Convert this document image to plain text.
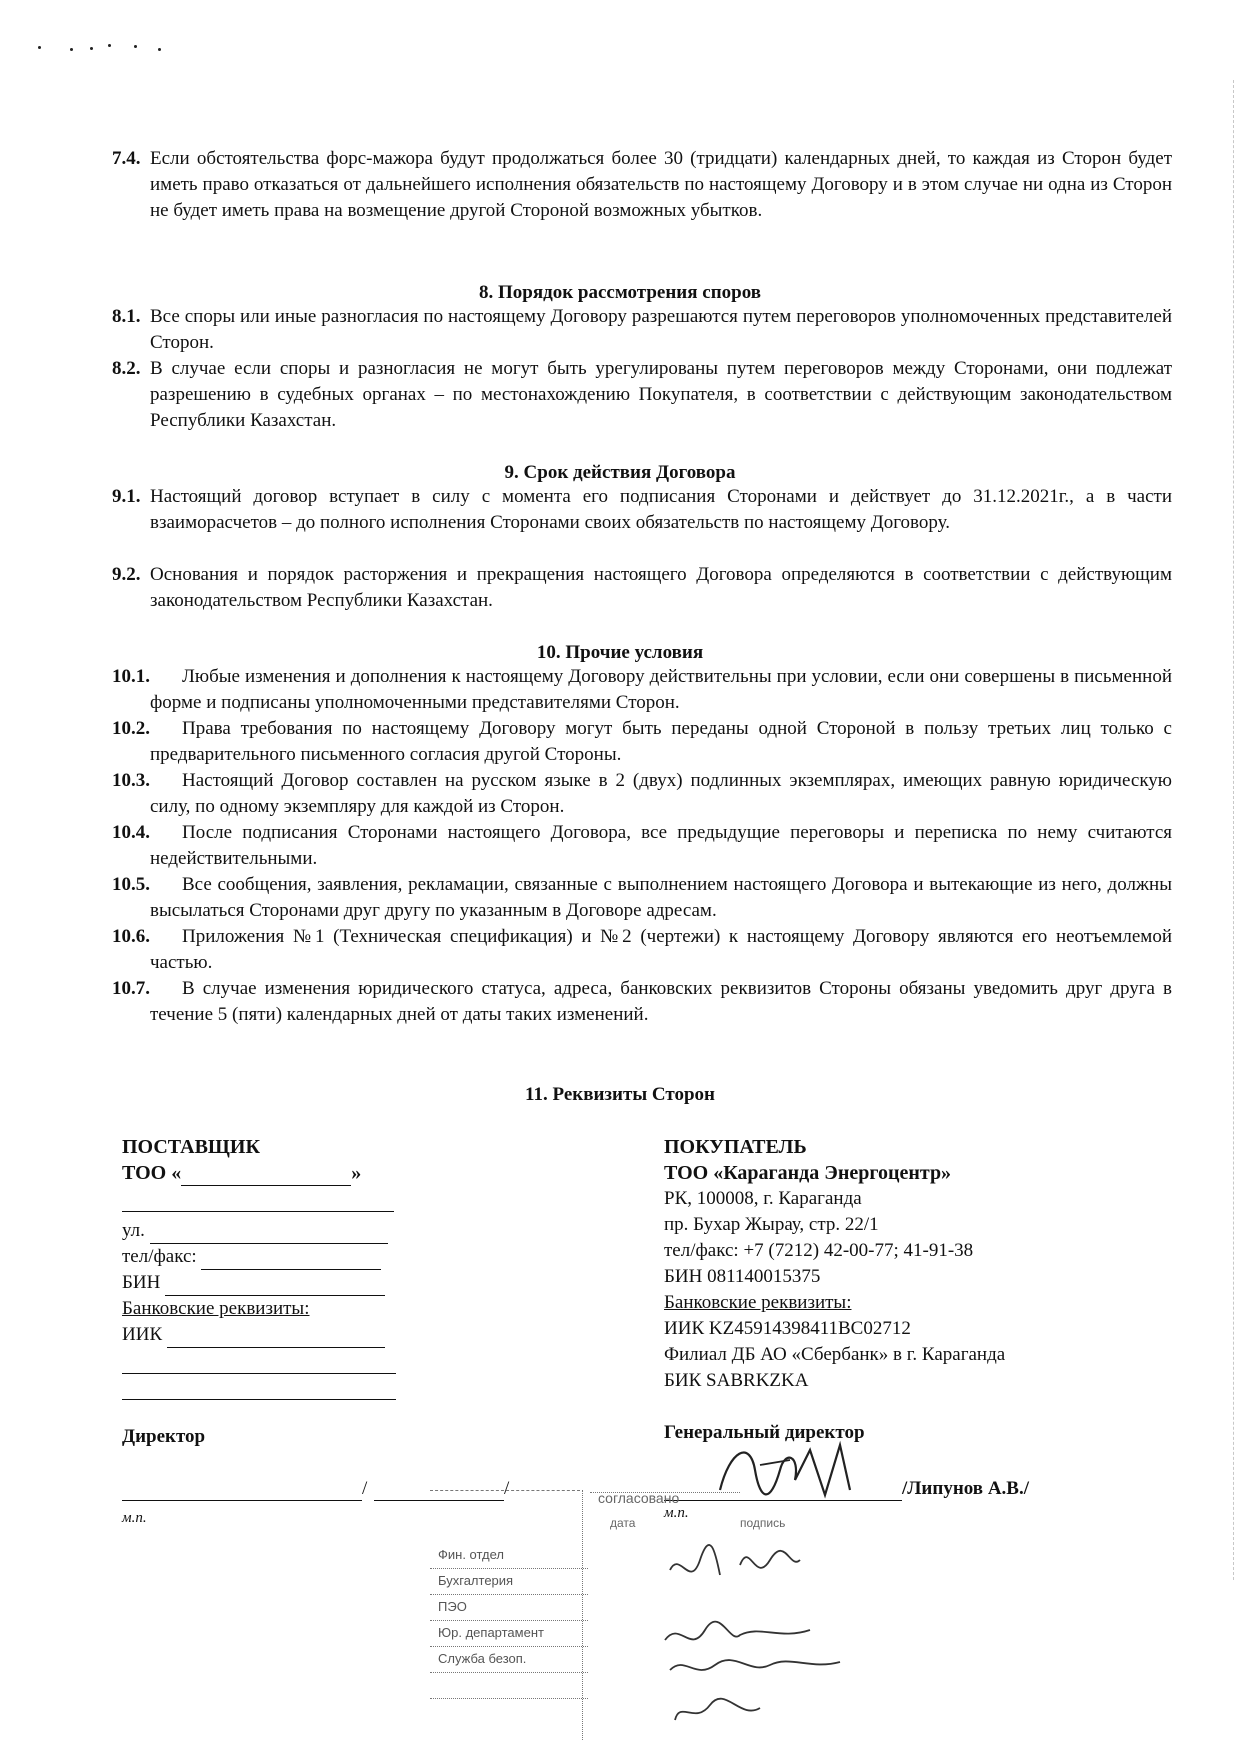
7.4. Если обстоятельства форс-мажора будут продолжаться более 30 (тридцати) календарных дней, то каждая из Сторон будет иметь право отказаться от дальнейшего исполнения обязательств по настоящему Договору и в этом случае ни одна из Сторон не будет иметь права на возмещение другой Стороной возможных убытков.
8. Порядок рассмотрения споров
8.1. Все споры или иные разногласия по настоящему Договору разрешаются путем переговоров уполномоченных представителей Сторон.
8.2. В случае если споры и разногласия не могут быть урегулированы путем переговоров между Сторонами, они подлежат разрешению в судебных органах – по местонахождению Покупателя, в соответствии с действующим законодательством Республики Казахстан.
9. Срок действия Договора
9.1. Настоящий договор вступает в силу с момента его подписания Сторонами и действует до 31.12.2021г., а в части взаиморасчетов – до полного исполнения Сторонами своих обязательств по настоящему Договору.
9.2. Основания и порядок расторжения и прекращения настоящего Договора определяются в соответствии с действующим законодательством Республики Казахстан.
10. Прочие условия
10.1.	Любые изменения и дополнения к настоящему Договору действительны при условии, если они совершены в письменной форме и подписаны уполномоченными представителями Сторон.
10.2.	Права требования по настоящему Договору могут быть переданы одной Стороной в пользу третьих лиц только с предварительного письменного согласия другой Стороны.
10.3.	Настоящий Договор составлен на русском языке в 2 (двух) подлинных экземплярах, имеющих равную юридическую силу, по одному экземпляру для каждой из Сторон.
10.4.	После подписания Сторонами настоящего Договора, все предыдущие переговоры и переписка по нему считаются недействительными.
10.5.	Все сообщения, заявления, рекламации, связанные с выполнением настоящего Договора и вытекающие из него, должны высылаться Сторонами друг другу по указанным в Договоре адресам.
10.6.	Приложения №1 (Техническая спецификация) и №2 (чертежи) к настоящему Договору являются его неотъемлемой частью.
10.7.	В случае изменения юридического статуса, адреса, банковских реквизитов Стороны обязаны уведомить друг друга в течение 5 (пяти) календарных дней от даты таких изменений.
11. Реквизиты Сторон
ПОСТАВЩИК
ТОО «	»
ул.
тел/факс:
БИН
Банковские реквизиты:
ИИК
ПОКУПАТЕЛЬ
ТОО «Караганда Энергоцентр»
РК, 100008, г. Караганда
пр. Бухар Жырау, стр. 22/1
тел/факс: +7 (7212) 42-00-77; 41-91-38
БИН 081140015375
Банковские реквизиты:
ИИК KZ45914398411BC02712
Филиал ДБ АО «Сбербанк» в г. Караганда
БИК SABRKZKA
Директор	Генеральный директор
/	/
м.п.
/Липунов А.В./
м.п.
согласовано
дата	подпись
Фин. отдел
Бухгалтерия
ПЭО
Юр. департамент
Служба безоп.
